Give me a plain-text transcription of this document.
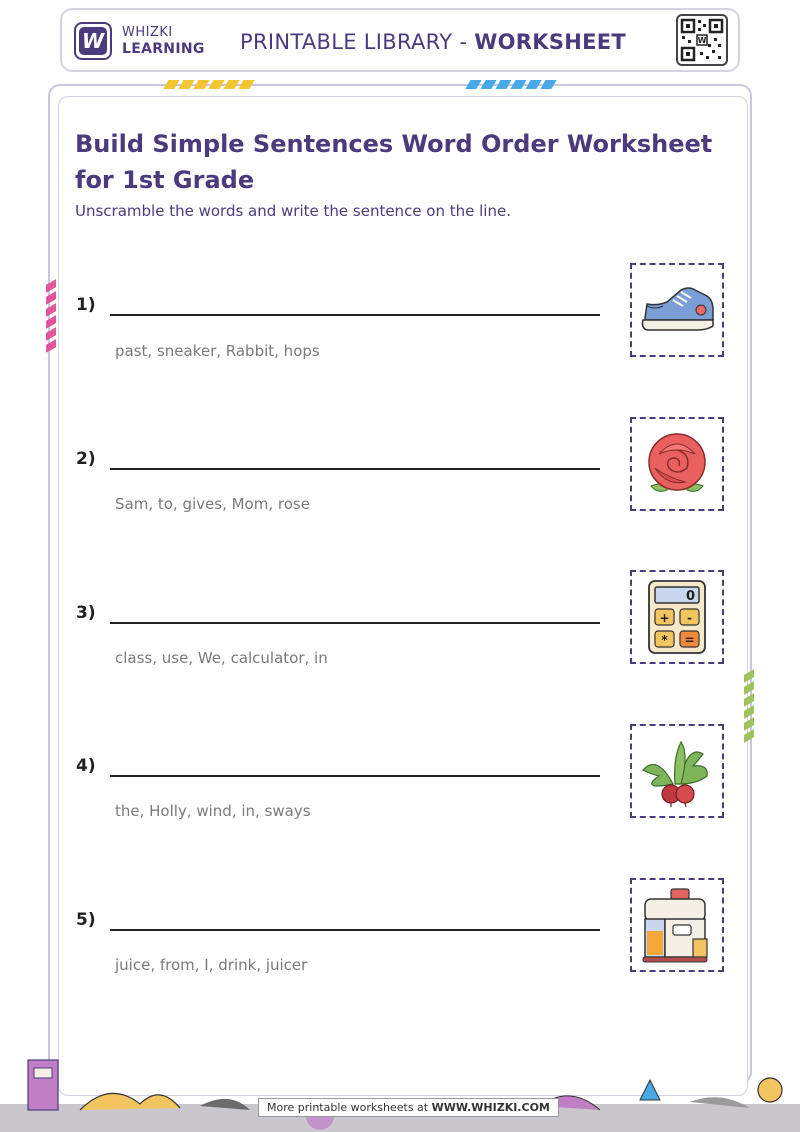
W WHIZKI
LEARNING PRINTABLE LIBRARY - WORKSHEET	W
Build Simple Sentences Word Order Worksheet for 1st Grade
Unscramble the words and write the sentence on the line.
1)
past, sneaker, Rabbit, hops
2)
Sam, to, gives, Mom, rose
3)
class, use, We, calculator, in
0
+ -
* =
4)
the, Holly, wind, in, sways
5)
juice, from, I, drink, juicer
More printable worksheets at WWW.WHIZKI.COM
